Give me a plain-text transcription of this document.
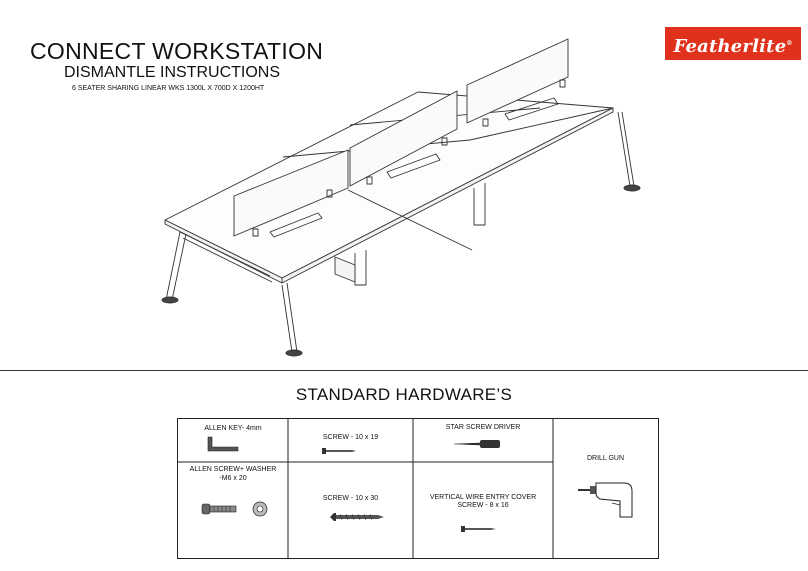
CONNECT WORKSTATION
DISMANTLE INSTRUCTIONS
6 SEATER SHARING LINEAR WKS 1300L X 700D X 1200HT
Featherlite®
STANDARD HARDWARE’S
ALLEN KEY- 4mm
SCREW - 10 x 19
ALLEN SCREW+ WASHER
-M6 x 20
SCREW - 10 x 30
STAR SCREW DRIVER
VERTICAL WIRE ENTRY COVER
SCREW - 8 x 16
DRILL GUN
